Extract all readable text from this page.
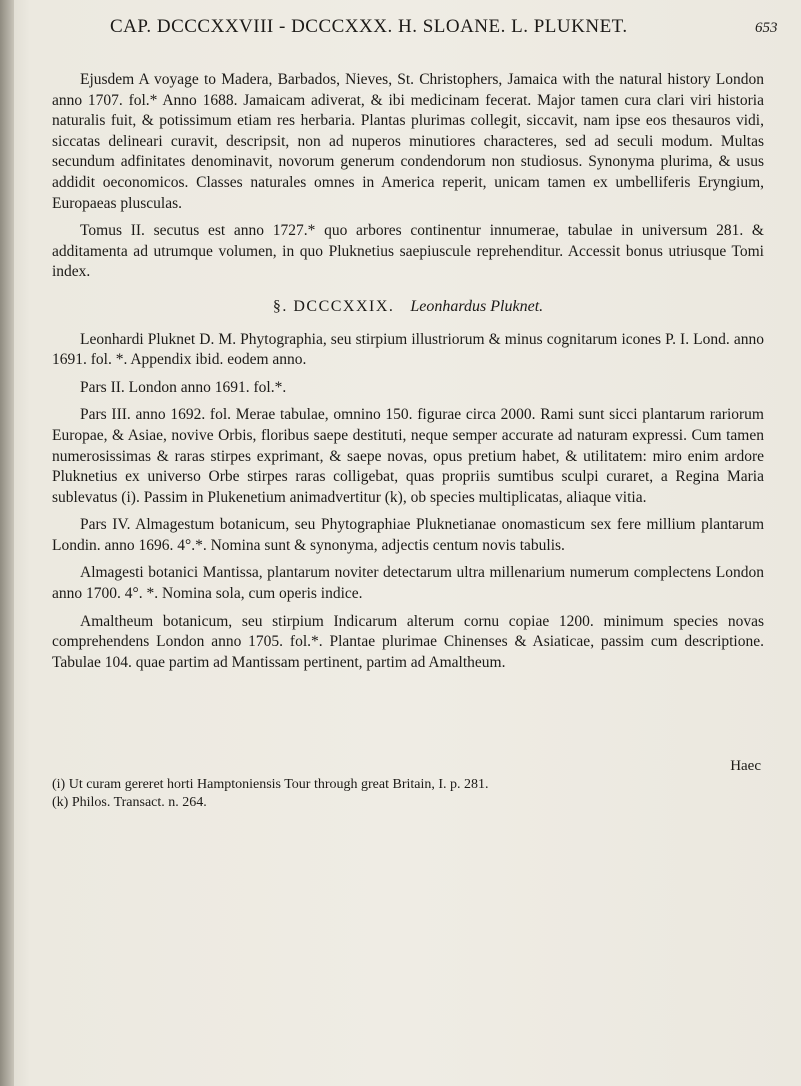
CAP. DCCCXXVIII - DCCCXXX. H. SLOANE. L. PLUKNET.	653

Ejusdem A voyage to Madera, Barbados, Nieves, St. Christophers, Jamaica with the natural history London anno 1707. fol.* Anno 1688. Jamaicam adiverat, & ibi medicinam fecerat. Major tamen cura clari viri historia naturalis fuit, & potissimum etiam res herbaria. Plantas plurimas collegit, siccavit, nam ipse eos thesauros vidi, siccatas delineari curavit, descripsit, non ad nuperos minutiores characteres, sed ad seculi modum. Multas secundum adfinitates denominavit, novorum generum condendorum non studiosus. Synonyma plurima, & usus addidit oeconomicos. Classes naturales omnes in America reperit, unicam tamen ex umbelliferis Eryngium, Europaeas plusculas.

Tomus II. secutus est anno 1727.* quo arbores continentur innumerae, tabulae in universum 281. & additamenta ad utrumque volumen, in quo Pluknetius saepiuscule reprehenditur. Accessit bonus utriusque Tomi index.

§. DCCCXXIX. Leonhardus Pluknet.

Leonhardi Pluknet D. M. Phytographia, seu stirpium illustriorum & minus cognitarum icones P. I. Lond. anno 1691. fol. *. Appendix ibid. eodem anno.

Pars II. London anno 1691. fol.*.

Pars III. anno 1692. fol. Merae tabulae, omnino 150. figurae circa 2000. Rami sunt sicci plantarum rariorum Europae, & Asiae, novive Orbis, floribus saepe destituti, neque semper accurate ad naturam expressi. Cum tamen numerosissimas & raras stirpes exprimant, & saepe novas, opus pretium habet, & utilitatem: miro enim ardore Pluknetius ex universo Orbe stirpes raras colligebat, quas propriis sumtibus sculpi curaret, a Regina Maria sublevatus (i). Passim in Plukenetium animadvertitur (k), ob species multiplicatas, aliaque vitia.

Pars IV. Almagestum botanicum, seu Phytographiae Pluknetianae onomasticum sex fere millium plantarum Londin. anno 1696. 4°.*. Nomina sunt & synonyma, adjectis centum novis tabulis.

Almagesti botanici Mantissa, plantarum noviter detectarum ultra millenarium numerum complectens London anno 1700. 4°. *. Nomina sola, cum operis indice.

Amaltheum botanicum, seu stirpium Indicarum alterum cornu copiae 1200. minimum species novas comprehendens London anno 1705. fol.*. Plantae plurimae Chinenses & Asiaticae, passim cum descriptione. Tabulae 104. quae partim ad Mantissam pertinent, partim ad Amaltheum.

Haec
(i) Ut curam gereret horti Hamptoniensis Tour through great Britain, I. p. 281.
(k) Philos. Transact. n. 264.
